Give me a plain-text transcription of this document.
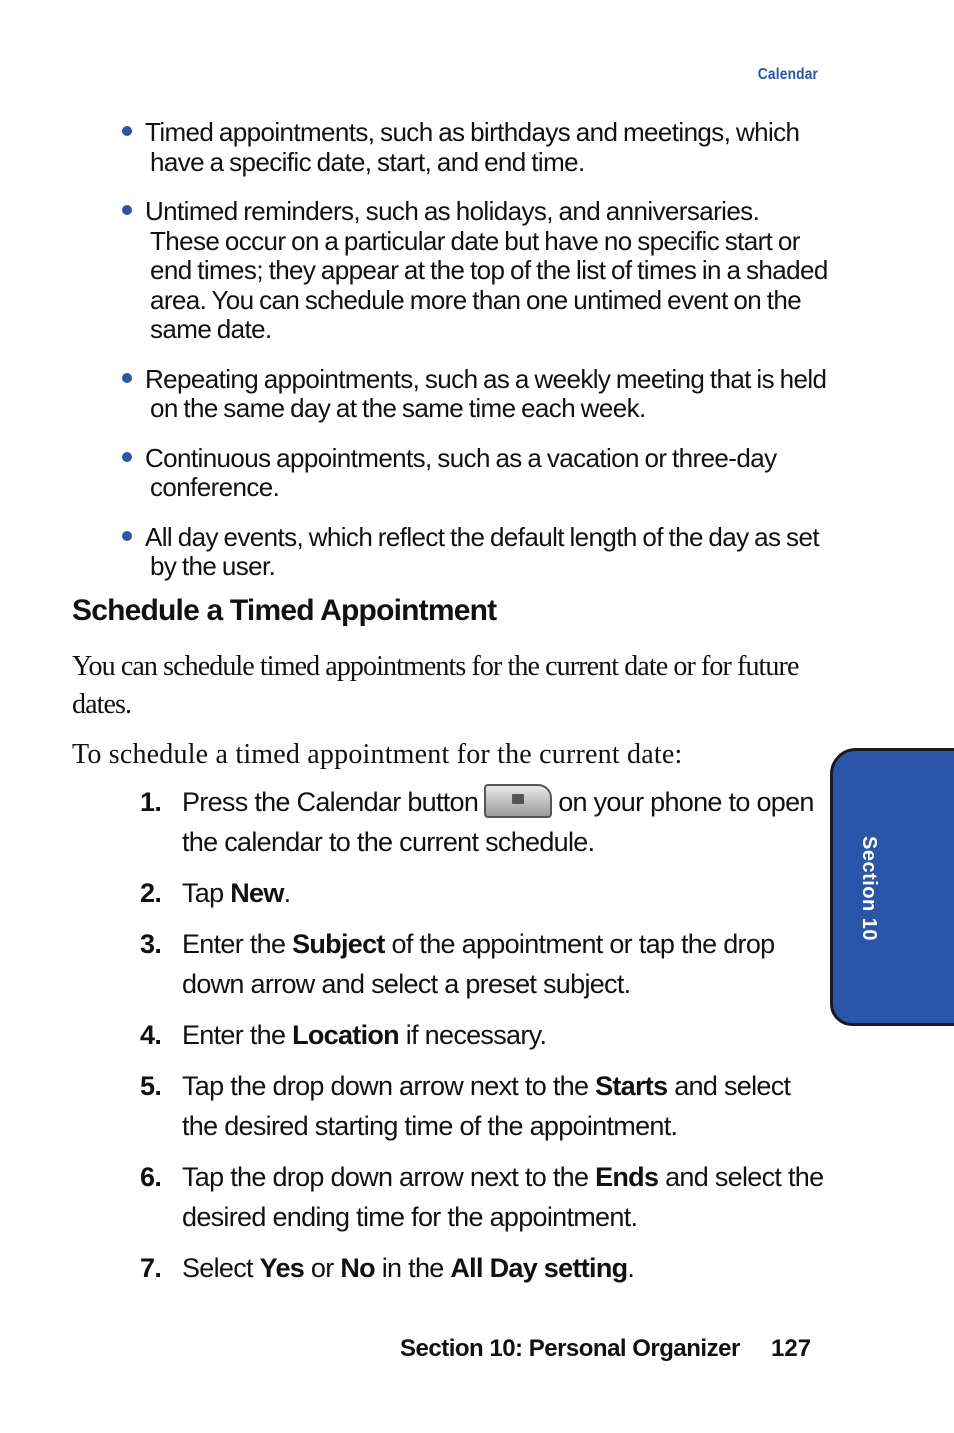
Calendar
Timed appointments, such as birthdays and meetings, which have a specific date, start, and end time.
Untimed reminders, such as holidays, and anniversaries. These occur on a particular date but have no specific start or end times; they appear at the top of the list of times in a shaded area. You can schedule more than one untimed event on the same date.
Repeating appointments, such as a weekly meeting that is held on the same day at the same time each week.
Continuous appointments, such as a vacation or three-day conference.
All day events, which reflect the default length of the day as set by the user.
Schedule a Timed Appointment

You can schedule timed appointments for the current date or for future dates.

To schedule a timed appointment for the current date:

1. Press the Calendar button	on your phone to open the calendar to the current schedule.
2. Tap New.
3. Enter the Subject of the appointment or tap the drop down arrow and select a preset subject.
4. Enter the Location if necessary.
5. Tap the drop down arrow next to the Starts and select the desired starting time of the appointment.
6. Tap the drop down arrow next to the Ends and select the desired ending time for the appointment.
7. Select Yes or No in the All Day setting.
Section 10
Section 10: Personal Organizer 127
